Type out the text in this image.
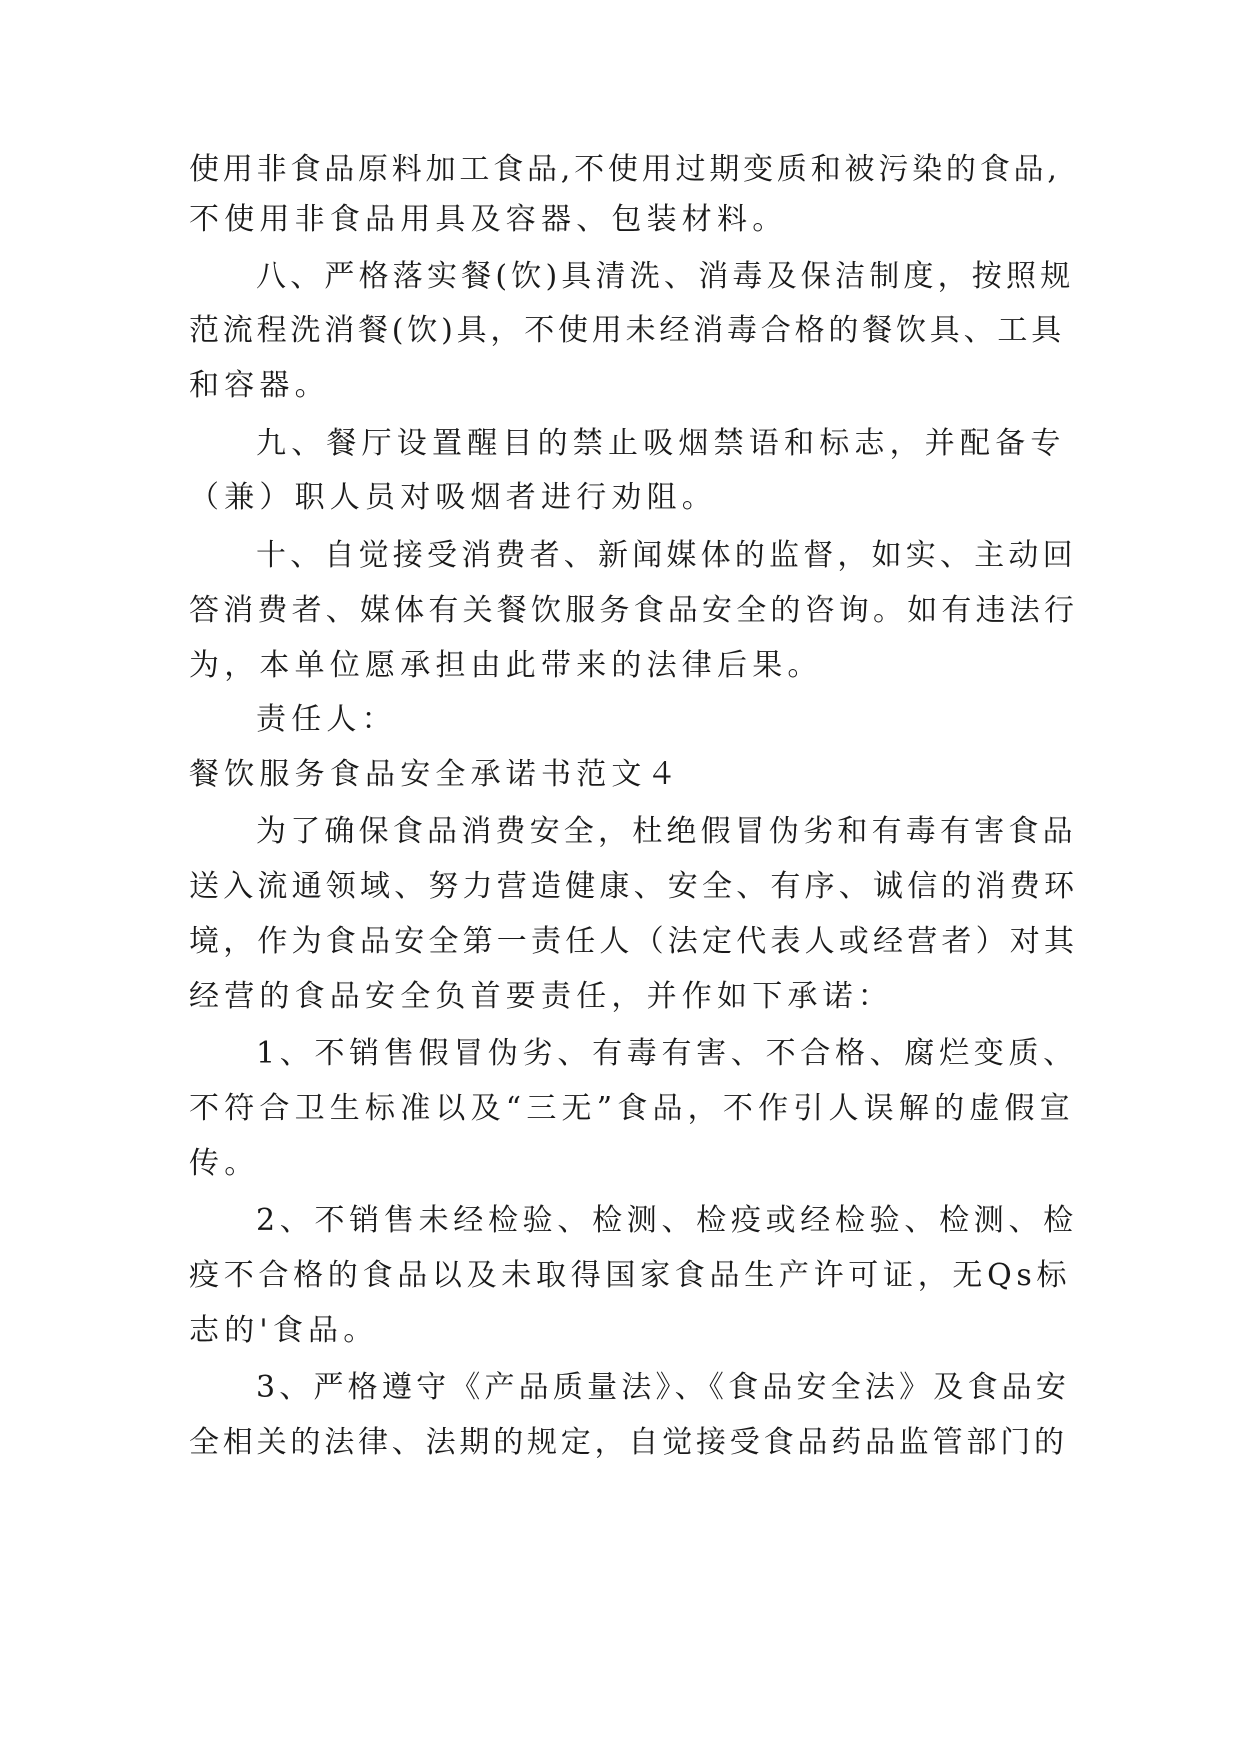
使用非食品原料加工食品,不使用过期变质和被污染的食品,

不使用非食品用具及容器、包装材料。

八、严格落实餐(饮)具清洗、消毒及保洁制度，按照规

范流程洗消餐(饮)具，不使用未经消毒合格的餐饮具、工具

和容器。

九、餐厅设置醒目的禁止吸烟禁语和标志，并配备专

（兼）职人员对吸烟者进行劝阻。

十、自觉接受消费者、新闻媒体的监督，如实、主动回

答消费者、媒体有关餐饮服务食品安全的咨询。如有违法行

为，本单位愿承担由此带来的法律后果。

责任人：

餐饮服务食品安全承诺书范文４

为了确保食品消费安全，杜绝假冒伪劣和有毒有害食品

送入流通领域、努力营造健康、安全、有序、诚信的消费环

境，作为食品安全第一责任人（法定代表人或经营者）对其

经营的食品安全负首要责任，并作如下承诺：

1、不销售假冒伪劣、有毒有害、不合格、腐烂变质、

不符合卫生标准以及“三无”食品，不作引人误解的虚假宣

传。

2、不销售未经检验、检测、检疫或经检验、检测、检

疫不合格的食品以及未取得国家食品生产许可证，无Qs标

志的'食品。

3、严格遵守《产品质量法》、《食品安全法》及食品安

全相关的法律、法期的规定，自觉接受食品药品监管部门的
